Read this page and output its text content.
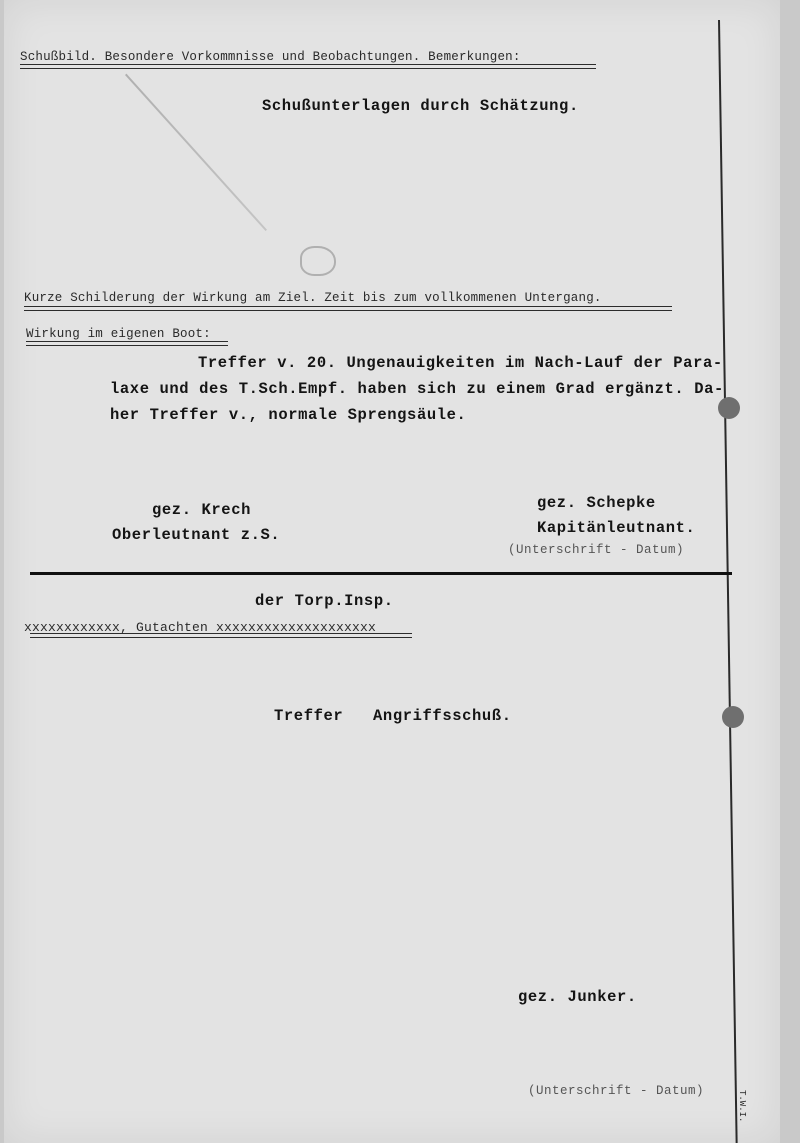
Schußbild. Besondere Vorkommnisse und Beobachtungen. Bemerkungen:
Schußunterlagen durch Schätzung.
Kurze Schilderung der Wirkung am Ziel. Zeit bis zum vollkommenen Untergang.
Wirkung im eigenen Boot:
Treffer v. 20. Ungenauigkeiten im Nach-Lauf der Para-
laxe und des T.Sch.Empf. haben sich zu einem Grad ergänzt. Da-
her Treffer v., normale Sprengsäule.
gez. Krech
Oberleutnant z.S.
gez. Schepke
Kapitänleutnant.
(Unterschrift - Datum)
der Torp.Insp.
xxxxxxxxxxxx, Gutachten xxxxxxxxxxxxxxxxxxxx
Treffer   Angriffsschuß.
gez. Junker.
(Unterschrift - Datum)	T.W.I.
